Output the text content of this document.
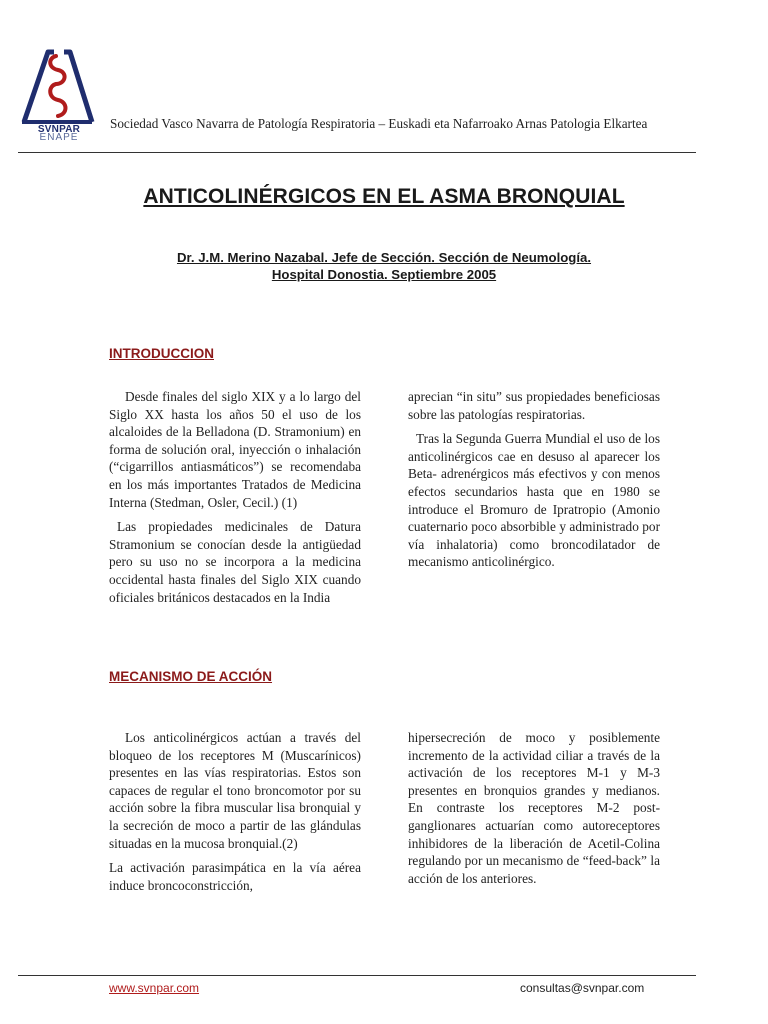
SVNPAR
ENAPE
Sociedad Vasco Navarra de Patología Respiratoria – Euskadi eta Nafarroako Arnas Patologia Elkartea
ANTICOLINÉRGICOS EN EL ASMA BRONQUIAL
Dr. J.M. Merino Nazabal. Jefe de Sección. Sección de Neumología.
Hospital Donostia. Septiembre 2005
INTRODUCCION

Desde finales del siglo XIX y a lo largo del Siglo XX hasta los años 50 el uso de los alcaloides de la Belladona (D. Stramonium) en forma de solución oral, inyección o inhalación (“cigarrillos antiasmáticos”) se recomendaba en los más importantes Tratados de Medicina Interna (Stedman, Osler, Cecil.) (1)

Las propiedades medicinales de Datura Stramonium se conocían desde la antigüedad pero su uso no se incorpora a la medicina occidental hasta finales del Siglo XIX cuando oficiales británicos destacados en la India

aprecian “in situ” sus propiedades beneficiosas sobre las patologías respiratorias.

Tras la Segunda Guerra Mundial el uso de los anticolinérgicos cae en desuso al aparecer los Beta- adrenérgicos más efectivos y con menos efectos secundarios hasta que en 1980 se introduce el Bromuro de Ipratropio (Amonio cuaternario poco absorbible y administrado por vía inhalatoria) como broncodilatador de mecanismo anticolinérgico.

MECANISMO DE ACCIÓN

Los anticolinérgicos actúan a través del bloqueo de los receptores M (Muscarínicos) presentes en las vías respiratorias. Estos son capaces de regular el tono broncomotor por su acción sobre la fibra muscular lisa bronquial y la secreción de moco a partir de las glándulas situadas en la mucosa bronquial.(2)

La activación parasimpática en la vía aérea induce broncoconstricción,

hipersecreción de moco y posiblemente incremento de la actividad ciliar a través de la activación de los receptores M-1 y M-3 presentes en bronquios grandes y medianos. En contraste los receptores M-2 post-ganglionares actuarían como autoreceptores inhibidores de la liberación de Acetil-Colina regulando por un mecanismo de “feed-back” la acción de los anteriores.

www.svnpar.com	consultas@svnpar.com
